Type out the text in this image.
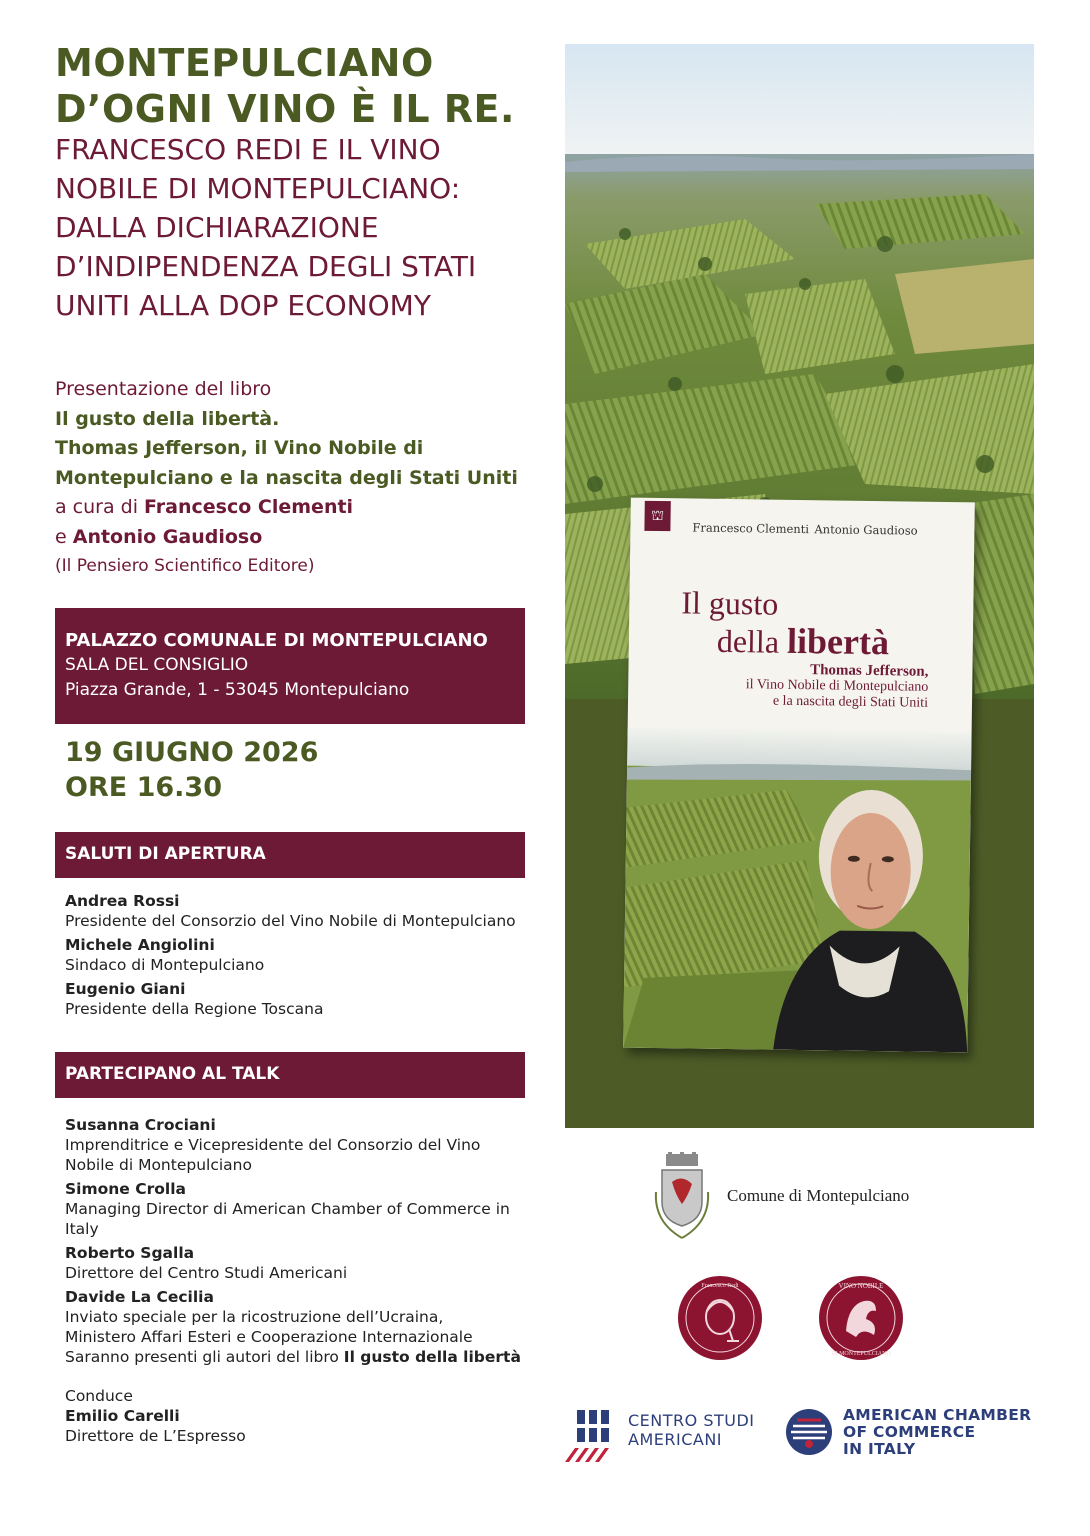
MONTEPULCIANO
D’OGNI VINO È IL RE.
FRANCESCO REDI E IL VINO
NOBILE DI MONTEPULCIANO:
DALLA DICHIARAZIONE
D’INDIPENDENZA DEGLI STATI
UNITI ALLA DOP ECONOMY
Presentazione del libro
Il gusto della libertà.
Thomas Jefferson, il Vino Nobile di
Montepulciano e la nascita degli Stati Uniti
a cura di Francesco Clementi
e Antonio Gaudioso
(Il Pensiero Scientifico Editore)
PALAZZO COMUNALE DI MONTEPULCIANO
SALA DEL CONSIGLIO
Piazza Grande, 1 - 53045 Montepulciano
19 GIUGNO 2026
ORE 16.30
SALUTI DI APERTURA
Andrea Rossi
Presidente del Consorzio del Vino Nobile di Montepulciano
Michele Angiolini
Sindaco di Montepulciano
Eugenio Giani
Presidente della Regione Toscana
PARTECIPANO AL TALK
Susanna Crociani
Imprenditrice e Vicepresidente del Consorzio del Vino
Nobile di Montepulciano
Simone Crolla
Managing Director di American Chamber of Commerce in Italy
Roberto Sgalla
Direttore del Centro Studi Americani
Davide La Cecilia
Inviato speciale per la ricostruzione dell’Ucraina,
Ministero Affari Esteri e Cooperazione Internazionale
Saranno presenti gli autori del libro Il gusto della libertà
Conduce
Emilio Carelli
Direttore de L’Espresso
⛫
Francesco Clementi Antonio Gaudioso
Il gusto
della libertà
Thomas Jefferson,
il Vino Nobile di Montepulciano
e la nascita degli Stati Uniti
Comune di Montepulciano
Francesco Redi	VINO NOBILE
DI MONTEPULCIANO
CENTRO STUDI
AMERICANI
AMERICAN CHAMBER
OF COMMERCE
IN ITALY
